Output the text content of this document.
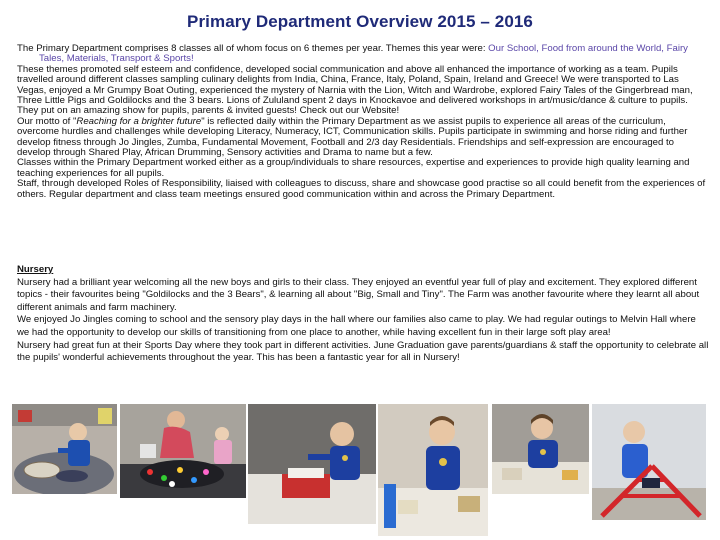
Primary Department Overview 2015 – 2016

The Primary Department comprises 8 classes all of whom focus on 6 themes per year. Themes this year were: Our School, Food from around the World, Fairy Tales, Materials, Transport & Sports!

These themes promoted self esteem and confidence, developed social communication and above all enhanced the importance of working as a team. Pupils travelled around different classes sampling culinary delights from India, China, France, Italy, Poland, Spain, Ireland and Greece! We were transported to Las Vegas, enjoyed a Mr Grumpy Boat Outing, experienced the mystery of Narnia with the Lion, Witch and Wardrobe, explored Fairy Tales of the Gingerbread man, Three Little Pigs and Goldilocks and the 3 bears. Lions of Zululand spent 2 days in Knockavoe and delivered workshops in art/music/dance & culture to pupils. They put on an amazing show for pupils, parents & invited guests! Check out our Website!

Our motto of "Reaching for a brighter future" is reflected daily within the Primary Department as we assist pupils to experience all areas of the curriculum, overcome hurdles and challenges while developing Literacy, Numeracy, ICT, Communication skills. Pupils participate in swimming and horse riding and further develop fitness through Jo Jingles, Zumba, Fundamental Movement, Football and 2/3 day Residentials. Friendships and self-expression are encouraged to develop through Shared Play, African Drumming, Sensory activities and Drama to name but a few.

Classes within the Primary Department worked either as a group/individuals to share resources, expertise and experiences to provide high quality learning and teaching experiences for all pupils.

Staff, through developed Roles of Responsibility, liaised with colleagues to discuss, share and showcase good practise so all could benefit from the experiences of others. Regular department and class team meetings ensured good communication within and across the Primary Department.

Nursery

Nursery had a brilliant year welcoming all the new boys and girls to their class. They enjoyed an eventful year full of play and excitement. They explored different topics - their favourites being "Goldilocks and the 3 Bears", & learning all about "Big, Small and Tiny". The Farm was another favourite where they learnt all about different animals and farm machinery.

We enjoyed Jo Jingles coming to school and the sensory play days in the hall where our families also came to play. We had regular outings to Melvin Hall where we had the opportunity to develop our skills of transitioning from one place to another, while having excellent fun in their large soft play area!

Nursery had great fun at their Sports Day where they took part in different activities. June Graduation gave parents/guardians & staff the opportunity to celebrate all the pupils' wonderful achievements throughout the year. This has been a fantastic year for all in Nursery!
